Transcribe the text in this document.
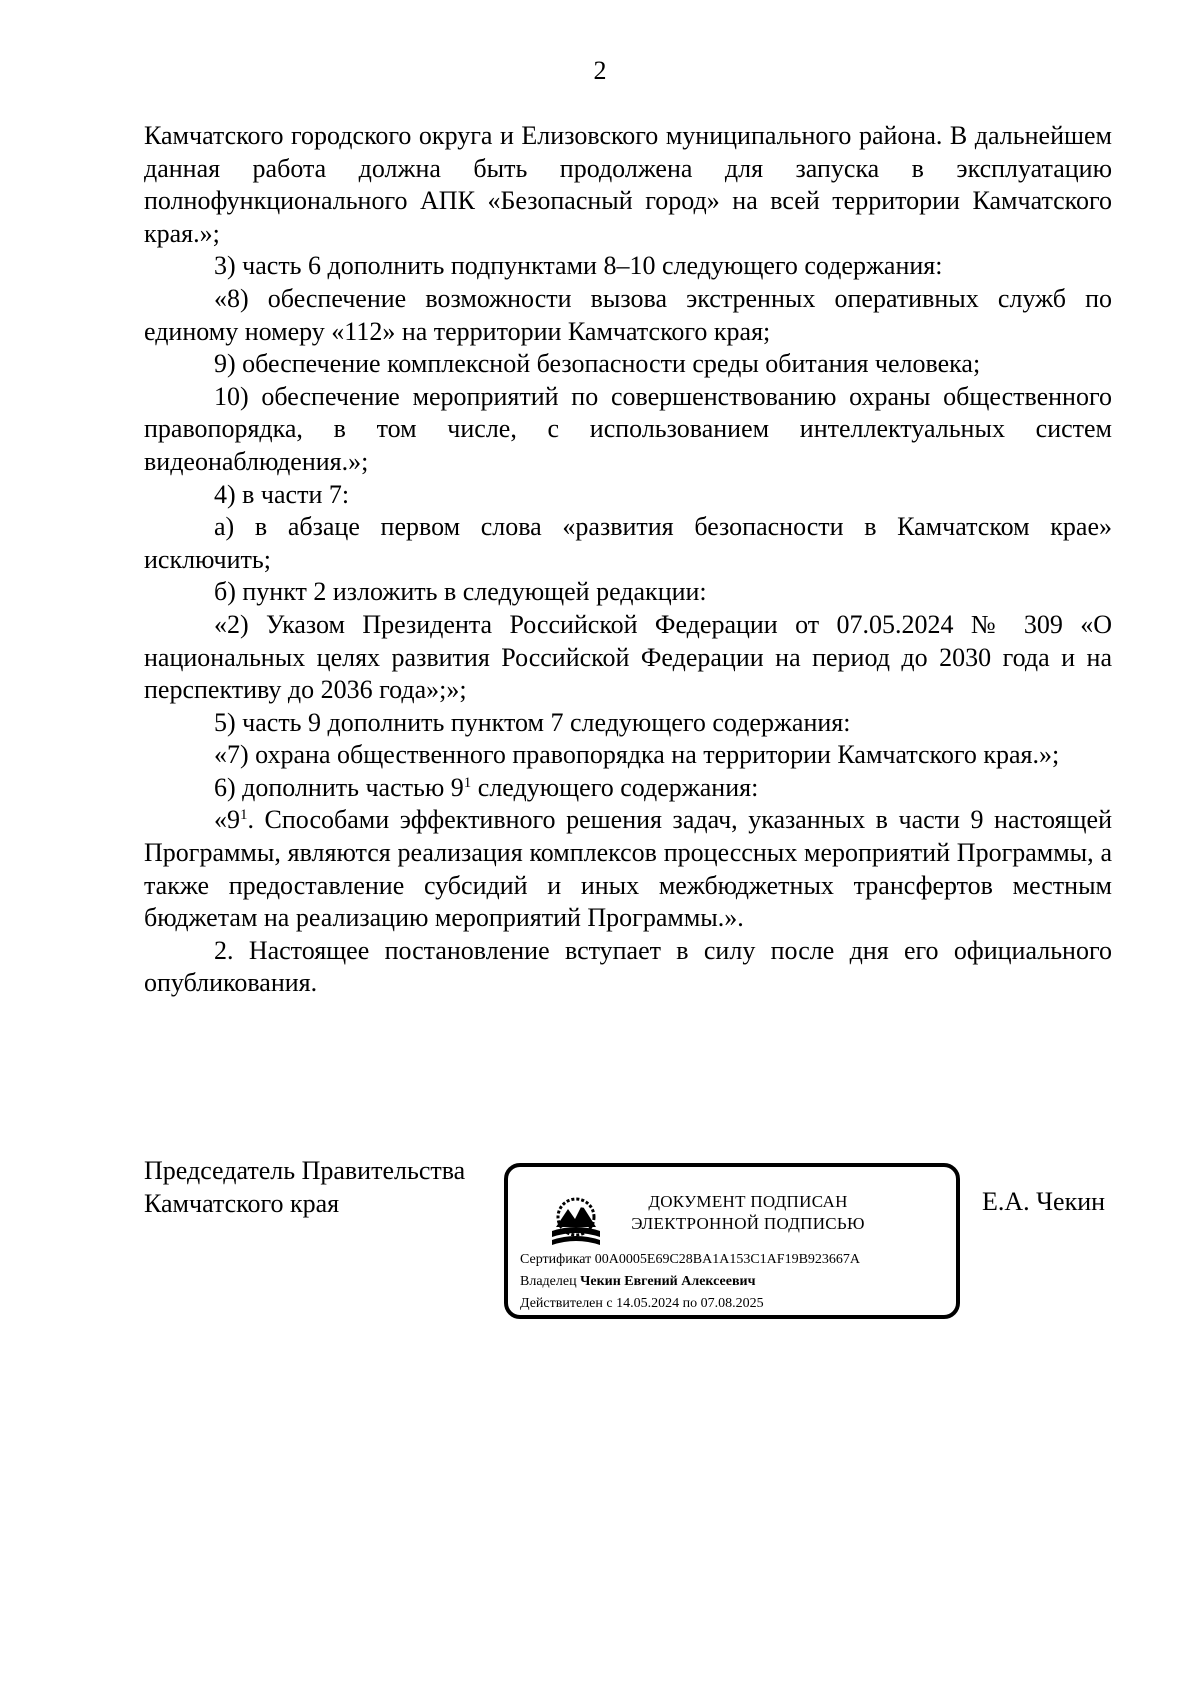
2

Камчатского городского округа и Елизовского муниципального района. В дальнейшем данная работа должна быть продолжена для запуска в эксплуатацию полнофункционального АПК «Безопасный город» на всей территории Камчатского края.»;

3) часть 6 дополнить подпунктами 8–10 следующего содержания:

«8) обеспечение возможности вызова экстренных оперативных служб по единому номеру «112» на территории Камчатского края;

9) обеспечение комплексной безопасности среды обитания человека;

10) обеспечение мероприятий по совершенствованию охраны общественного правопорядка, в том числе, с использованием интеллектуальных систем видеонаблюдения.»;

4) в части 7:

а) в абзаце первом слова «развития безопасности в Камчатском крае» исключить;

б) пункт 2 изложить в следующей редакции:

«2) Указом Президента Российской Федерации от 07.05.2024 № 309 «О национальных целях развития Российской Федерации на период до 2030 года и на перспективу до 2036 года»;»;

5) часть 9 дополнить пунктом 7 следующего содержания:

«7) охрана общественного правопорядка на территории Камчатского края.»;

6) дополнить частью $9^1$ следующего содержания:

«$9^1$. Способами эффективного решения задач, указанных в части 9 настоящей Программы, являются реализация комплексов процессных мероприятий Программы, а также предоставление субсидий и иных межбюджетных трансфертов местным бюджетам на реализацию мероприятий Программы.».

2. Настоящее постановление вступает в силу после дня его официального опубликования.

Председатель Правительства
Камчатского края	ДОКУМЕНТ ПОДПИСАН
ЭЛЕКТРОННОЙ ПОДПИСЬЮ
Сертификат 00A0005E69C28BA1A153C1AF19B923667A
Владелец Чекин Евгений Алексеевич
Действителен с 14.05.2024 по 07.08.2025
Е.А. Чекин
